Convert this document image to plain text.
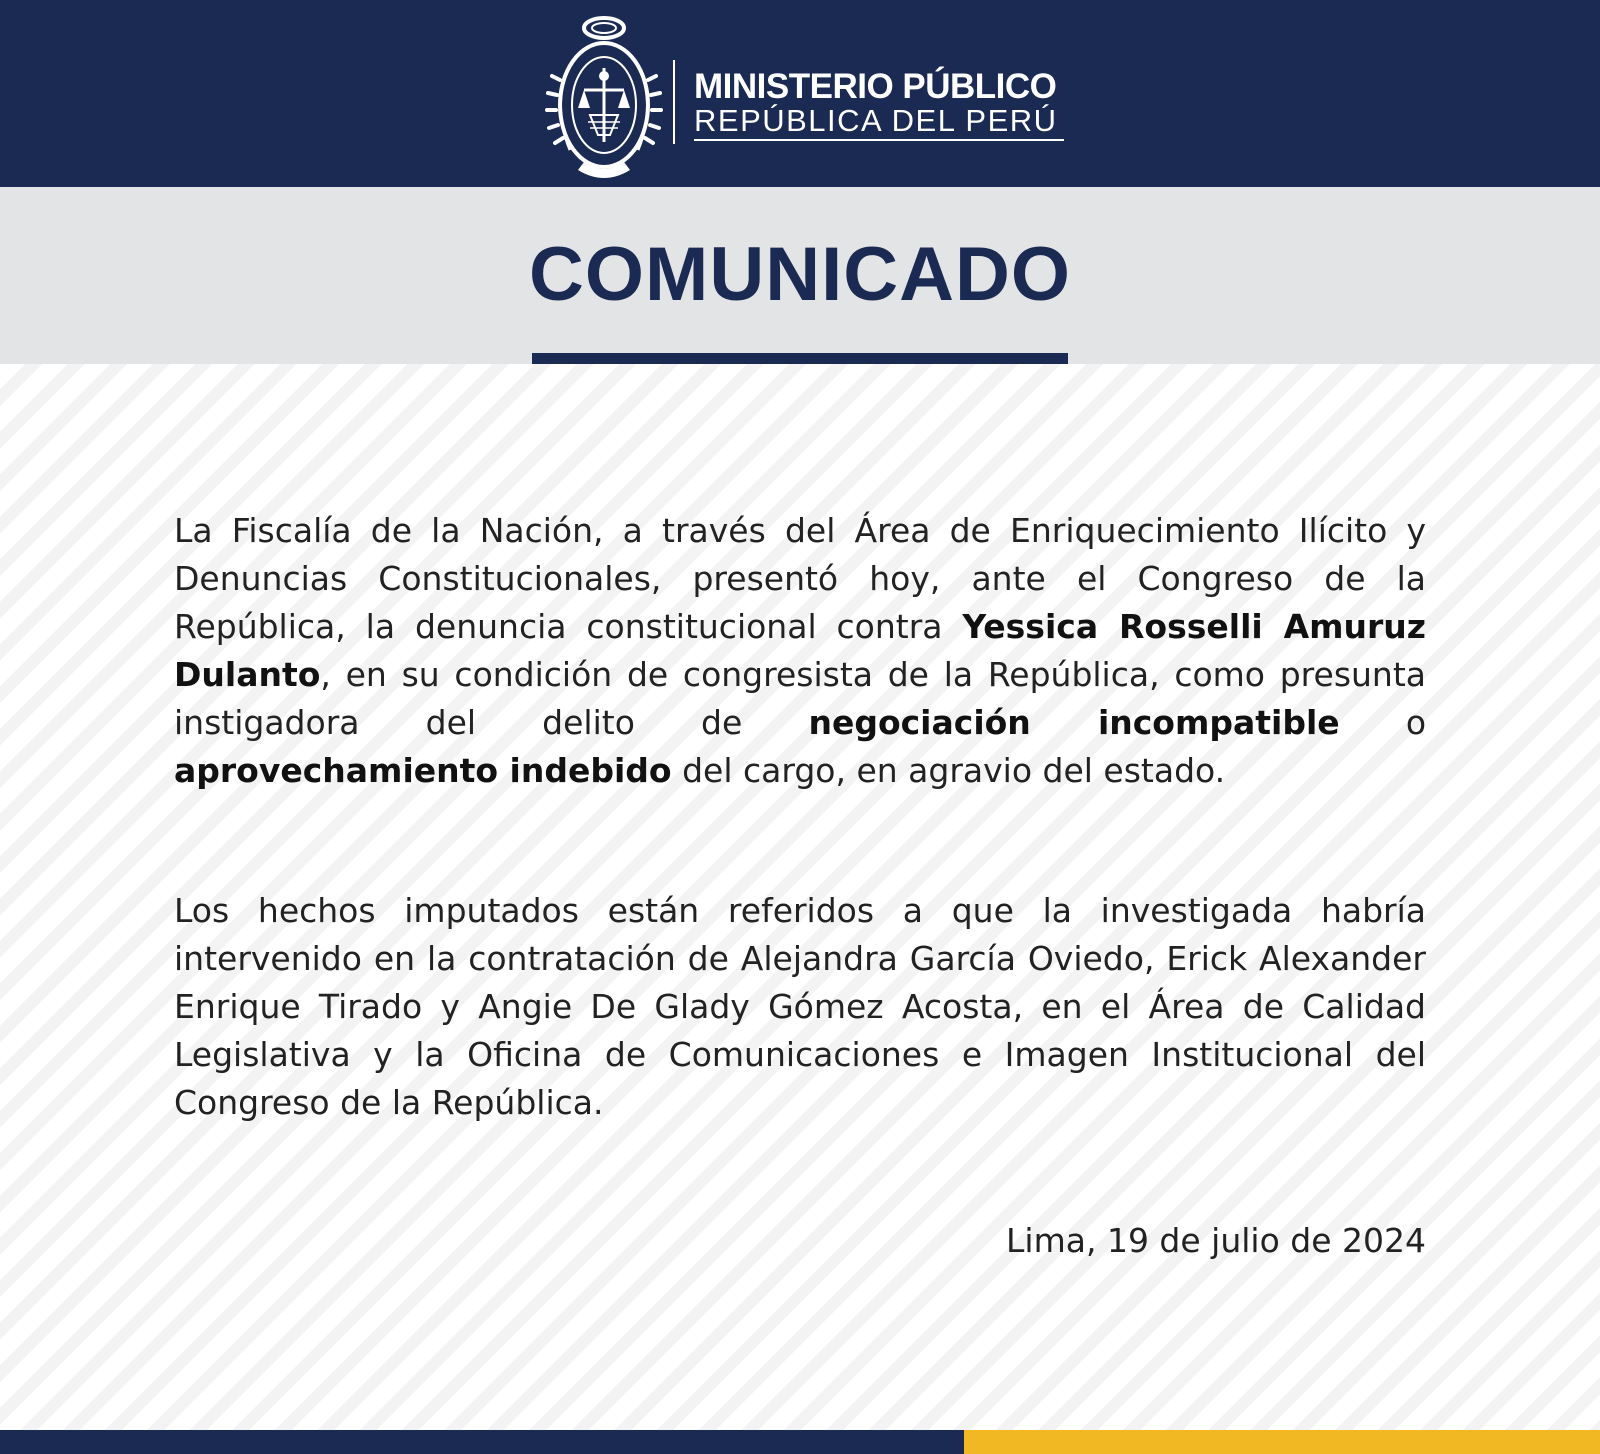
MINISTERIO PÚBLICO
REPÚBLICA DEL PERÚ
COMUNICADO

La Fiscalía de la Nación, a través del Área de Enriquecimiento Ilícito y Denuncias Constitucionales, presentó hoy, ante el Congreso de la República, la denuncia constitucional contra Yessica Rosselli Amuruz Dulanto, en su condición de congresista de la República, como presunta instigadora del delito de negociación incompatible o aprovechamiento indebido del cargo, en agravio del estado.

Los hechos imputados están referidos a que la investigada habría intervenido en la contratación de Alejandra García Oviedo, Erick Alexander Enrique Tirado y Angie De Glady Gómez Acosta, en el Área de Calidad Legislativa y la Oficina de Comunicaciones e Imagen Institucional del Congreso de la República.

Lima, 19 de julio de 2024
